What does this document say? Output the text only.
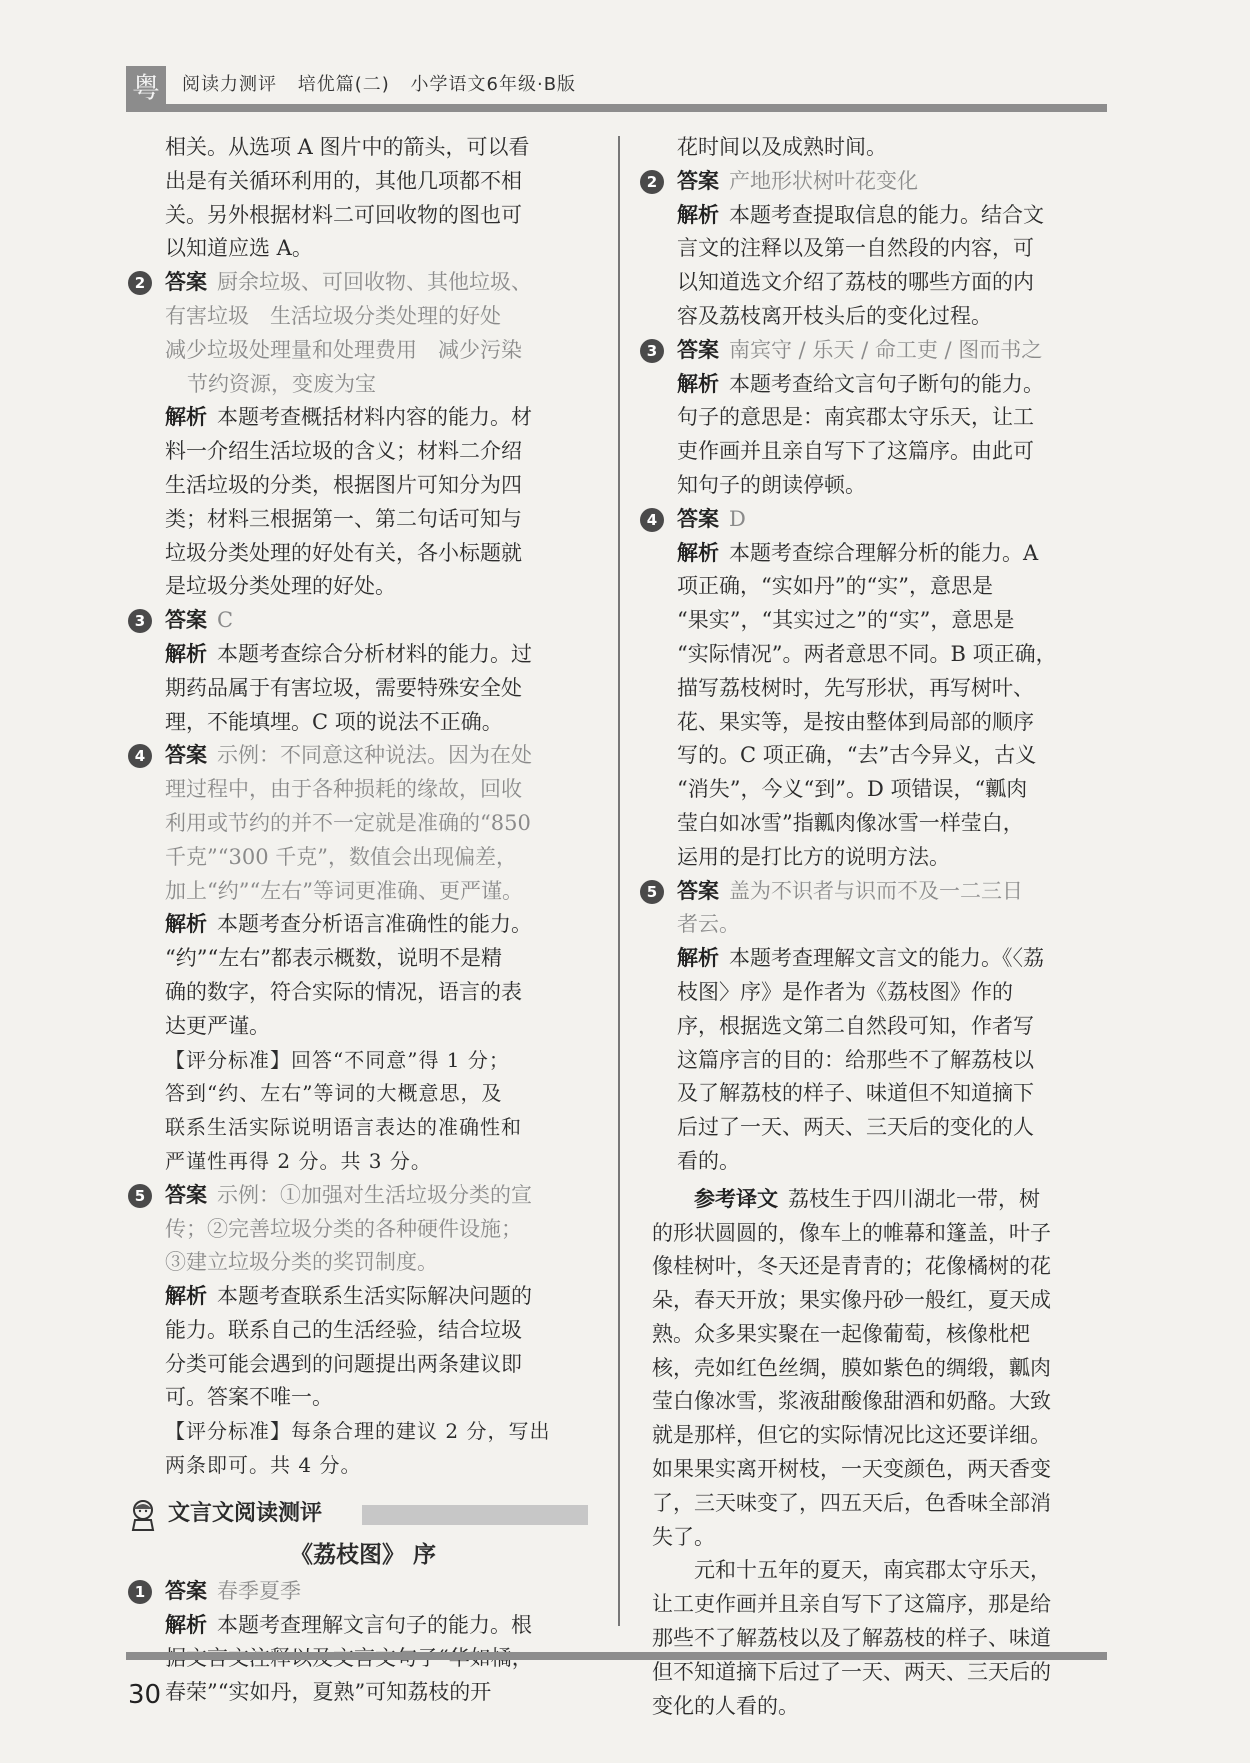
粤	阅读力测评 培优篇(二) 小学语文6年级·B版

相关。从选项 A 图片中的箭头，可以看

出是有关循环利用的，其他几项都不相

关。另外根据材料二可回收物的图也可

以知道应选 A。

2 答案 厨余垃圾、可回收物、其他垃圾、

有害垃圾　生活垃圾分类处理的好处

减少垃圾处理量和处理费用　减少污染

节约资源，变废为宝

解析 本题考查概括材料内容的能力。材

料一介绍生活垃圾的含义；材料二介绍

生活垃圾的分类，根据图片可知分为四

类；材料三根据第一、第二句话可知与

垃圾分类处理的好处有关，各小标题就

是垃圾分类处理的好处。

3 答案 C

解析 本题考查综合分析材料的能力。过

期药品属于有害垃圾，需要特殊安全处

理，不能填埋。C 项的说法不正确。

4 答案 示例：不同意这种说法。因为在处

理过程中，由于各种损耗的缘故，回收

利用或节约的并不一定就是准确的“850

千克”“300 千克”，数值会出现偏差，

加上“约”“左右”等词更准确、更严谨。

解析 本题考查分析语言准确性的能力。

“约”“左右”都表示概数，说明不是精

确的数字，符合实际的情况，语言的表

达更严谨。

【评分标准】回答“不同意”得 1 分；

答到“约、左右”等词的大概意思，及

联系生活实际说明语言表达的准确性和

严谨性再得 2 分。共 3 分。

5 答案 示例：①加强对生活垃圾分类的宣

传；②完善垃圾分类的各种硬件设施；

③建立垃圾分类的奖罚制度。

解析 本题考查联系生活实际解决问题的

能力。联系自己的生活经验，结合垃圾

分类可能会遇到的问题提出两条建议即

可。答案不唯一。

【评分标准】每条合理的建议 2 分，写出

两条即可。共 4 分。

文言文阅读测评

《荔枝图》 序

1 答案 春季夏季

解析 本题考查理解文言句子的能力。根

春荣”“实如丹，夏熟”可知荔枝的开

花时间以及成熟时间。

2 答案 产地形状树叶花变化

解析 本题考查提取信息的能力。结合文

言文的注释以及第一自然段的内容，可

以知道选文介绍了荔枝的哪些方面的内

容及荔枝离开枝头后的变化过程。

3 答案 南宾守 / 乐天 / 命工吏 / 图而书之

解析 本题考查给文言句子断句的能力。

句子的意思是：南宾郡太守乐天，让工

吏作画并且亲自写下了这篇序。由此可

知句子的朗读停顿。

4 答案 D

解析 本题考查综合理解分析的能力。A

项正确，“实如丹”的“实”，意思是

“果实”，“其实过之”的“实”，意思是

“实际情况”。两者意思不同。B 项正确，

描写荔枝树时，先写形状，再写树叶、

花、果实等，是按由整体到局部的顺序

写的。C 项正确，“去”古今异义，古义

“消失”，今义“到”。D 项错误，“瓤肉

莹白如冰雪”指瓤肉像冰雪一样莹白，

运用的是打比方的说明方法。

5 答案 盖为不识者与识而不及一二三日

者云。

解析 本题考查理解文言文的能力。《〈荔

枝图〉序》是作者为《荔枝图》作的

序，根据选文第二自然段可知，作者写

这篇序言的目的：给那些不了解荔枝以

及了解荔枝的样子、味道但不知道摘下

后过了一天、两天、三天后的变化的人

看的。

参考译文 荔枝生于四川湖北一带，树

的形状圆圆的，像车上的帷幕和篷盖，叶子

像桂树叶，冬天还是青青的；花像橘树的花

朵，春天开放；果实像丹砂一般红，夏天成

熟。众多果实聚在一起像葡萄，核像枇杷

核，壳如红色丝绸，膜如紫色的绸缎，瓤肉

莹白像冰雪，浆液甜酸像甜酒和奶酪。大致

就是那样，但它的实际情况比这还要详细。

如果果实离开树枝，一天变颜色，两天香变

了，三天味变了，四五天后，色香味全部消

失了。

元和十五年的夏天，南宾郡太守乐天，

让工吏作画并且亲自写下了这篇序，那是给

那些不了解荔枝以及了解荔枝的样子、味道

但不知道摘下后过了一天、两天、三天后的

变化的人看的。

30
